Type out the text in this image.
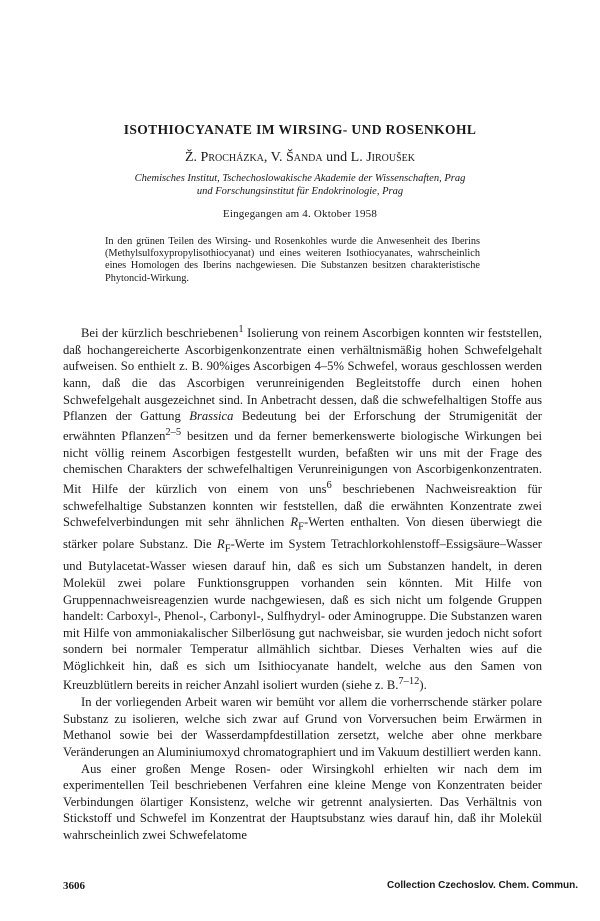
ISOTHIOCYANATE IM WIRSING- UND ROSENKOHL
Ž. Procházka, V. Šanda und L. Jiroušek
Chemisches Institut, Tschechoslowakische Akademie der Wissenschaften, Prag
und Forschungsinstitut für Endokrinologie, Prag
Eingegangen am 4. Oktober 1958

In den grünen Teilen des Wirsing- und Rosenkohles wurde die Anwesenheit des Iberins (Methylsulfoxypropylisothiocyanat) und eines weiteren Isothiocyanates, wahrscheinlich eines Homologen des Iberins nachgewiesen. Die Substanzen besitzen charakteristische Phytoncid-Wirkung.

Bei der kürzlich beschriebenen$^1$ Isolierung von reinem Ascorbigen konnten wir feststellen, daß hochangereicherte Ascorbigenkonzentrate einen verhältnismäßig hohen Schwefelgehalt aufweisen. So enthielt z. B. 90%iges Ascorbigen 4–5% Schwefel, woraus geschlossen werden kann, daß die das Ascorbigen verunreinigenden Begleitstoffe durch einen hohen Schwefelgehalt ausgezeichnet sind. In Anbetracht dessen, daß die schwefelhaltigen Stoffe aus Pflanzen der Gattung Brassica Bedeutung bei der Erforschung der Strumigenität der erwähnten Pflanzen$^{2-5}$ besitzen und da ferner bemerkenswerte biologische Wirkungen bei nicht völlig reinem Ascorbigen festgestellt wurden, befaßten wir uns mit der Frage des chemischen Charakters der schwefelhaltigen Verunreinigungen von Ascorbigenkonzentraten. Mit Hilfe der kürzlich von einem von uns$^6$ beschriebenen Nachweisreaktion für schwefelhaltige Substanzen konnten wir feststellen, daß die erwähnten Konzentrate zwei Schwefelverbindungen mit sehr ähnlichen $R_F$-Werten enthalten. Von diesen überwiegt die stärker polare Substanz. Die $R_F$-Werte im System Tetrachlorkohlenstoff–Essigsäure–Wasser und Butylacetat-Wasser wiesen darauf hin, daß es sich um Substanzen handelt, in deren Molekül zwei polare Funktionsgruppen vorhanden sein könnten. Mit Hilfe von Gruppennachweisreagenzien wurde nachgewiesen, daß es sich nicht um folgende Gruppen handelt: Carboxyl-, Phenol-, Carbonyl-, Sulfhydryl- oder Aminogruppe. Die Substanzen waren mit Hilfe von ammoniakalischer Silberlösung gut nachweisbar, sie wurden jedoch nicht sofort sondern bei normaler Temperatur allmählich sichtbar. Dieses Verhalten wies auf die Möglichkeit hin, daß es sich um Isithiocyanate handelt, welche aus den Samen von Kreuzblütlern bereits in reicher Anzahl isoliert wurden (siehe z. B.$^{7-12}$).

In der vorliegenden Arbeit waren wir bemüht vor allem die vorherrschende stärker polare Substanz zu isolieren, welche sich zwar auf Grund von Vorversuchen beim Erwärmen in Methanol sowie bei der Wasserdampfdestillation zersetzt, welche aber ohne merkbare Veränderungen an Aluminiumoxyd chromatographiert und im Vakuum destilliert werden kann.

Aus einer großen Menge Rosen- oder Wirsingkohl erhielten wir nach dem im experimentellen Teil beschriebenen Verfahren eine kleine Menge von Konzentraten beider Verbindungen ölartiger Konsistenz, welche wir getrennt analysierten. Das Verhältnis von Stickstoff und Schwefel im Konzentrat der Hauptsubstanz wies darauf hin, daß ihr Molekül wahrscheinlich zwei Schwefelatome

3606	Collection Czechoslov. Chem. Commun.
